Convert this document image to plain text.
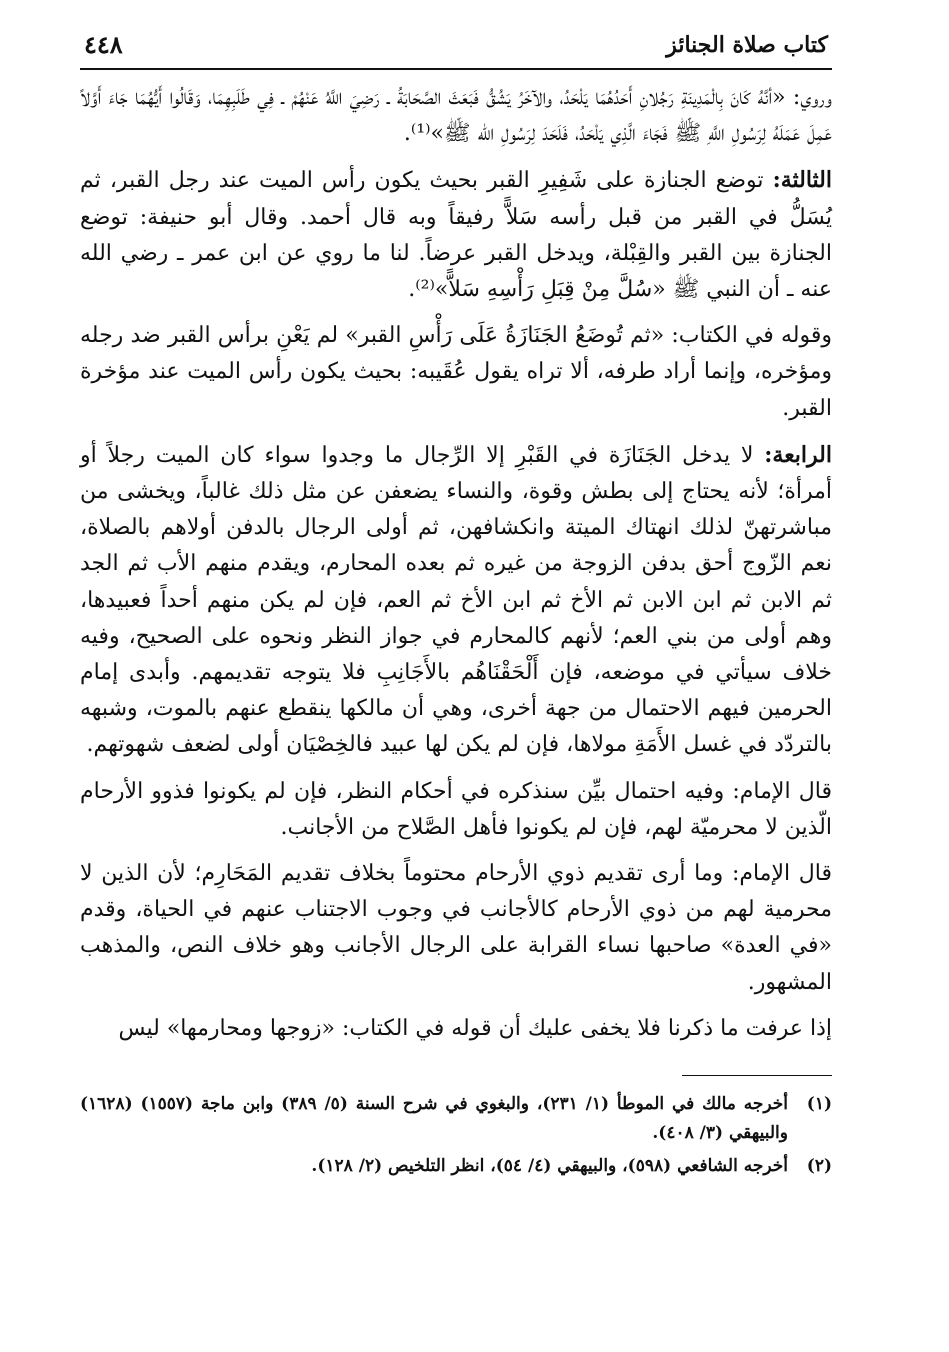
كتاب صلاة الجنائز
٤٤٨

وروي: «أنَّهُ كَانَ بِالْمَدِينَةِ رَجُلانِ أَحَدُهُمَا يَلْحَدُ، والآخَرُ يَشُقُّ فَبَعَثَ الصَّحَابَةُ ـ رَضِيَ اللَّهُ عَنْهُمْ ـ فِي طَلَبِهِمَا، وَقَالُوا أَيُّهُمَا جَاءَ أَوَّلاً عَمِلَ عَمَلَهُ لِرَسُولِ اللَّهِ ﷺ فَجَاءَ الَّذِي يَلْحَدُ، فَلَحَدَ لِرَسُولِ الله ﷺ»⁽¹⁾.

الثالثة: توضع الجنازة على شَفِيرِ القبر بحيث يكون رأس الميت عند رجل القبر، ثم يُسَلُّ في القبر من قبل رأسه سَلاًّ رفيقاً وبه قال أحمد. وقال أبو حنيفة: توضع الجنازة بين القبر والقِبْلة، ويدخل القبر عرضاً. لنا ما روي عن ابن عمر ـ رضي الله عنه ـ أن النبي ﷺ «سُلَّ مِنْ قِبَلِ رَأْسِهِ سَلاًّ»⁽²⁾.

وقوله في الكتاب: «ثم تُوضَعُ الجَنَازَةُ عَلَى رَأْسِ القبر» لم يَعْنِ برأس القبر ضد رجله ومؤخره، وإنما أراد طرفه، ألا تراه يقول عُقَيبه: بحيث يكون رأس الميت عند مؤخرة القبر.

الرابعة: لا يدخل الجَنَازَة في القَبْرِ إلا الرِّجال ما وجدوا سواء كان الميت رجلاً أو أمرأة؛ لأنه يحتاج إلى بطش وقوة، والنساء يضعفن عن مثل ذلك غالباً، ويخشى من مباشرتهنّ لذلك انهتاك الميتة وانكشافهن، ثم أولى الرجال بالدفن أولاهم بالصلاة، نعم الزّوج أحق بدفن الزوجة من غيره ثم بعده المحارم، ويقدم منهم الأب ثم الجد ثم الابن ثم ابن الابن ثم الأخ ثم ابن الأخ ثم العم، فإن لم يكن منهم أحداً فعبيدها، وهم أولى من بني العم؛ لأنهم كالمحارم في جواز النظر ونحوه على الصحيح، وفيه خلاف سيأتي في موضعه، فإن أَلْحَقْنَاهُم بالأَجَانِبِ فلا يتوجه تقديمهم. وأبدى إمام الحرمين فيهم الاحتمال من جهة أخرى، وهي أن مالكها ينقطع عنهم بالموت، وشبهه بالتردّد في غسل الأَمَةِ مولاها، فإن لم يكن لها عبيد فالخِصْيَان أولى لضعف شهوتهم.

قال الإمام: وفيه احتمال بيِّن سنذكره في أحكام النظر، فإن لم يكونوا فذوو الأرحام الّذين لا محرميّة لهم، فإن لم يكونوا فأهل الصَّلاح من الأجانب.

قال الإمام: وما أرى تقديم ذوي الأرحام محتوماً بخلاف تقديم المَحَارِم؛ لأن الذين لا محرمية لهم من ذوي الأرحام كالأجانب في وجوب الاجتناب عنهم في الحياة، وقدم «في العدة» صاحبها نساء القرابة على الرجال الأجانب وهو خلاف النص، والمذهب المشهور.

إذا عرفت ما ذكرنا فلا يخفى عليك أن قوله في الكتاب: «زوجها ومحارمها» ليس

(١)
أخرجه مالك في الموطأ (١/ ٢٣١)، والبغوي في شرح السنة (٥/ ٣٨٩) وابن ماجة (١٥٥٧) (١٦٢٨) والبيهقي (٣/ ٤٠٨).
(٢)
أخرجه الشافعي (٥٩٨)، والبيهقي (٤/ ٥٤)، انظر التلخيص (٢/ ١٢٨).
